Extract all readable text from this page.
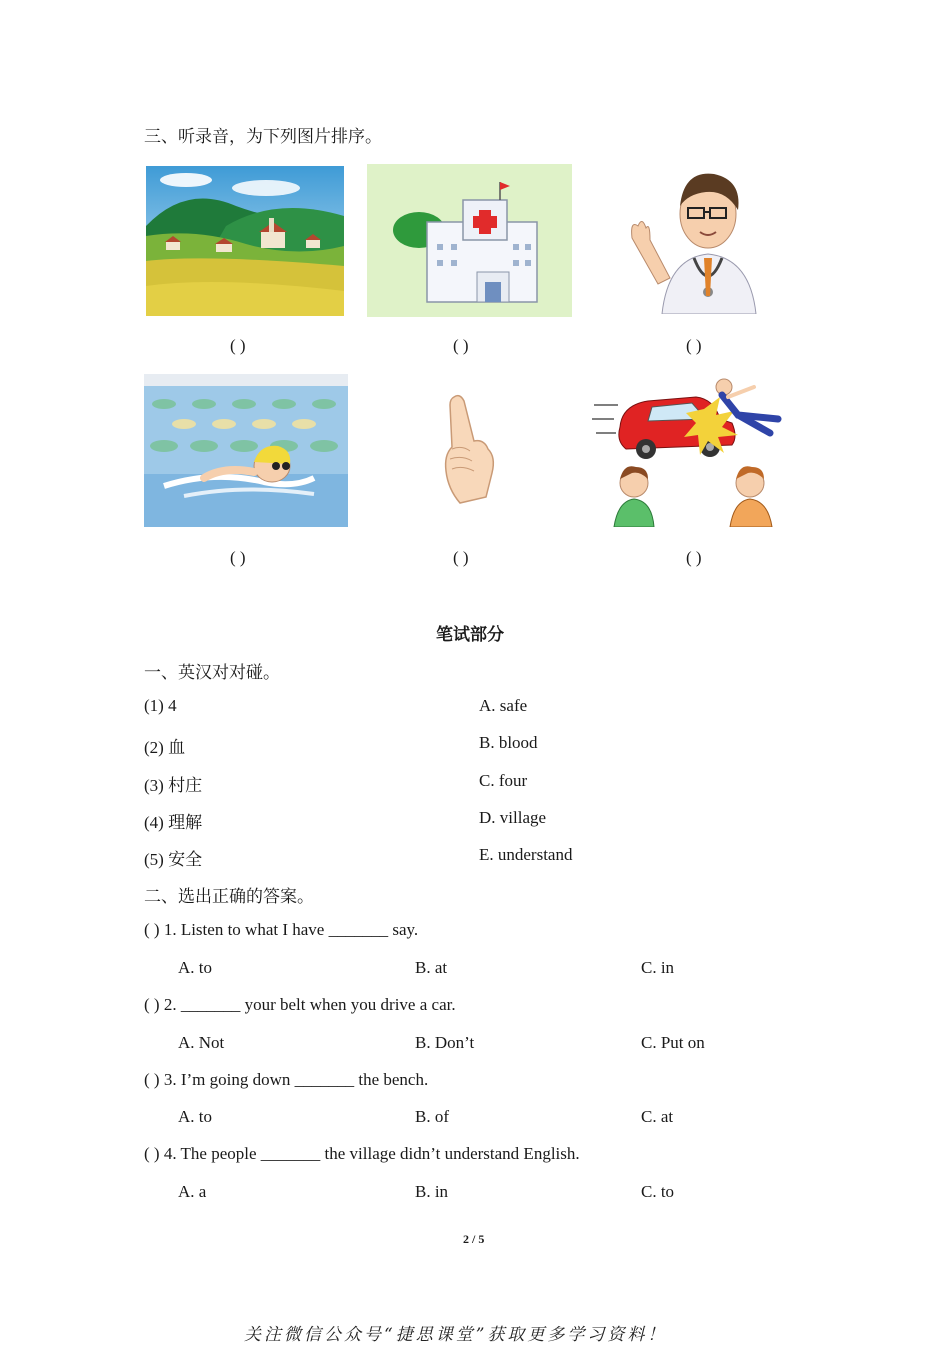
三、听录音，为下列图片排序。
( )	( )	( )
( )	( )	( )
笔试部分
一、英汉对对碰。
(1) 4	A. safe
(2) 血	B. blood
(3) 村庄	C. four
(4) 理解	D. village
(5) 安全	E. understand
二、选出正确的答案。
( ) 1. Listen to what I have _______ say.
A. to	B. at	C. in
( ) 2. _______ your belt when you drive a car.
A. Not	B. Don’t	C. Put on
( ) 3. I’m going down _______ the bench.
A. to	B. of	C. at
( ) 4. The people _______ the village didn’t understand English.
A. a	B. in	C. to
2 / 5
关注微信公众号“捷思课堂”获取更多学习资料！
